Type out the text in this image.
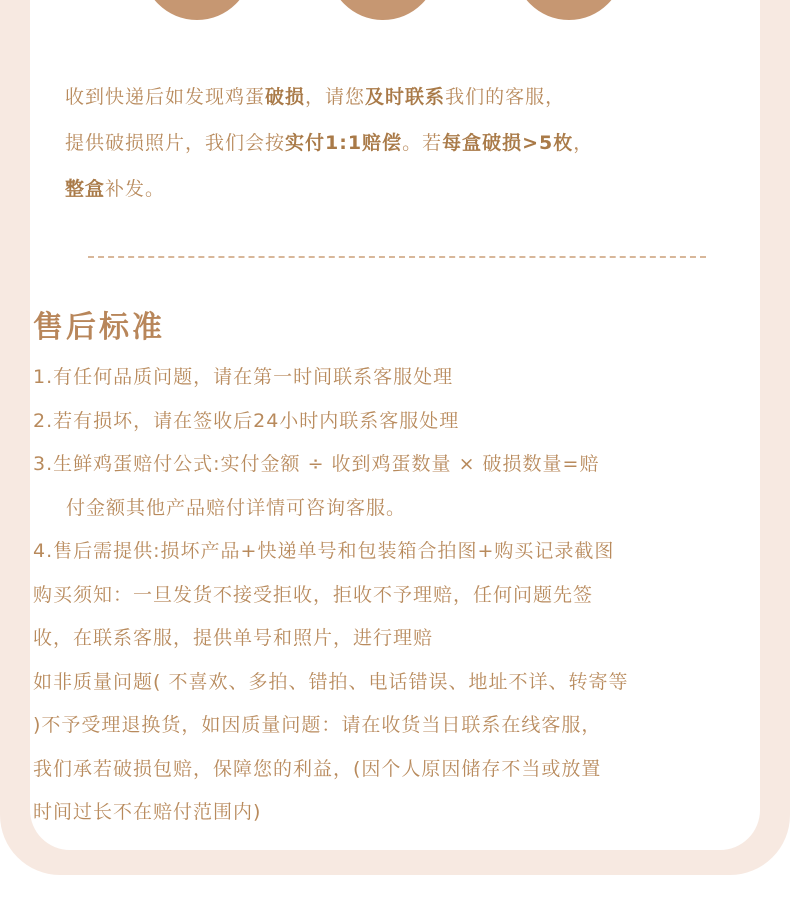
收到快递后如发现鸡蛋破损，请您及时联系我们的客服，

提供破损照片，我们会按实付1:1赔偿。若每盒破损>5枚，

整盒补发。

售后标准
1.有任何品质问题，请在第一时间联系客服处理
2.若有损坏，请在签收后24小时内联系客服处理
3.生鲜鸡蛋赔付公式:实付金额 ÷ 收到鸡蛋数量 × 破损数量=赔
付金额其他产品赔付详情可咨询客服。
4.售后需提供:损坏产品+快递单号和包装箱合拍图+购买记录截图
购买须知：一旦发货不接受拒收，拒收不予理赔，任何问题先签
收，在联系客服，提供单号和照片，进行理赔
如非质量问题( 不喜欢、多拍、错拍、电话错误、地址不详、转寄等
)不予受理退换货，如因质量问题：请在收货当日联系在线客服，
我们承若破损包赔，保障您的利益，(因个人原因储存不当或放置
时间过长不在赔付范围内)
